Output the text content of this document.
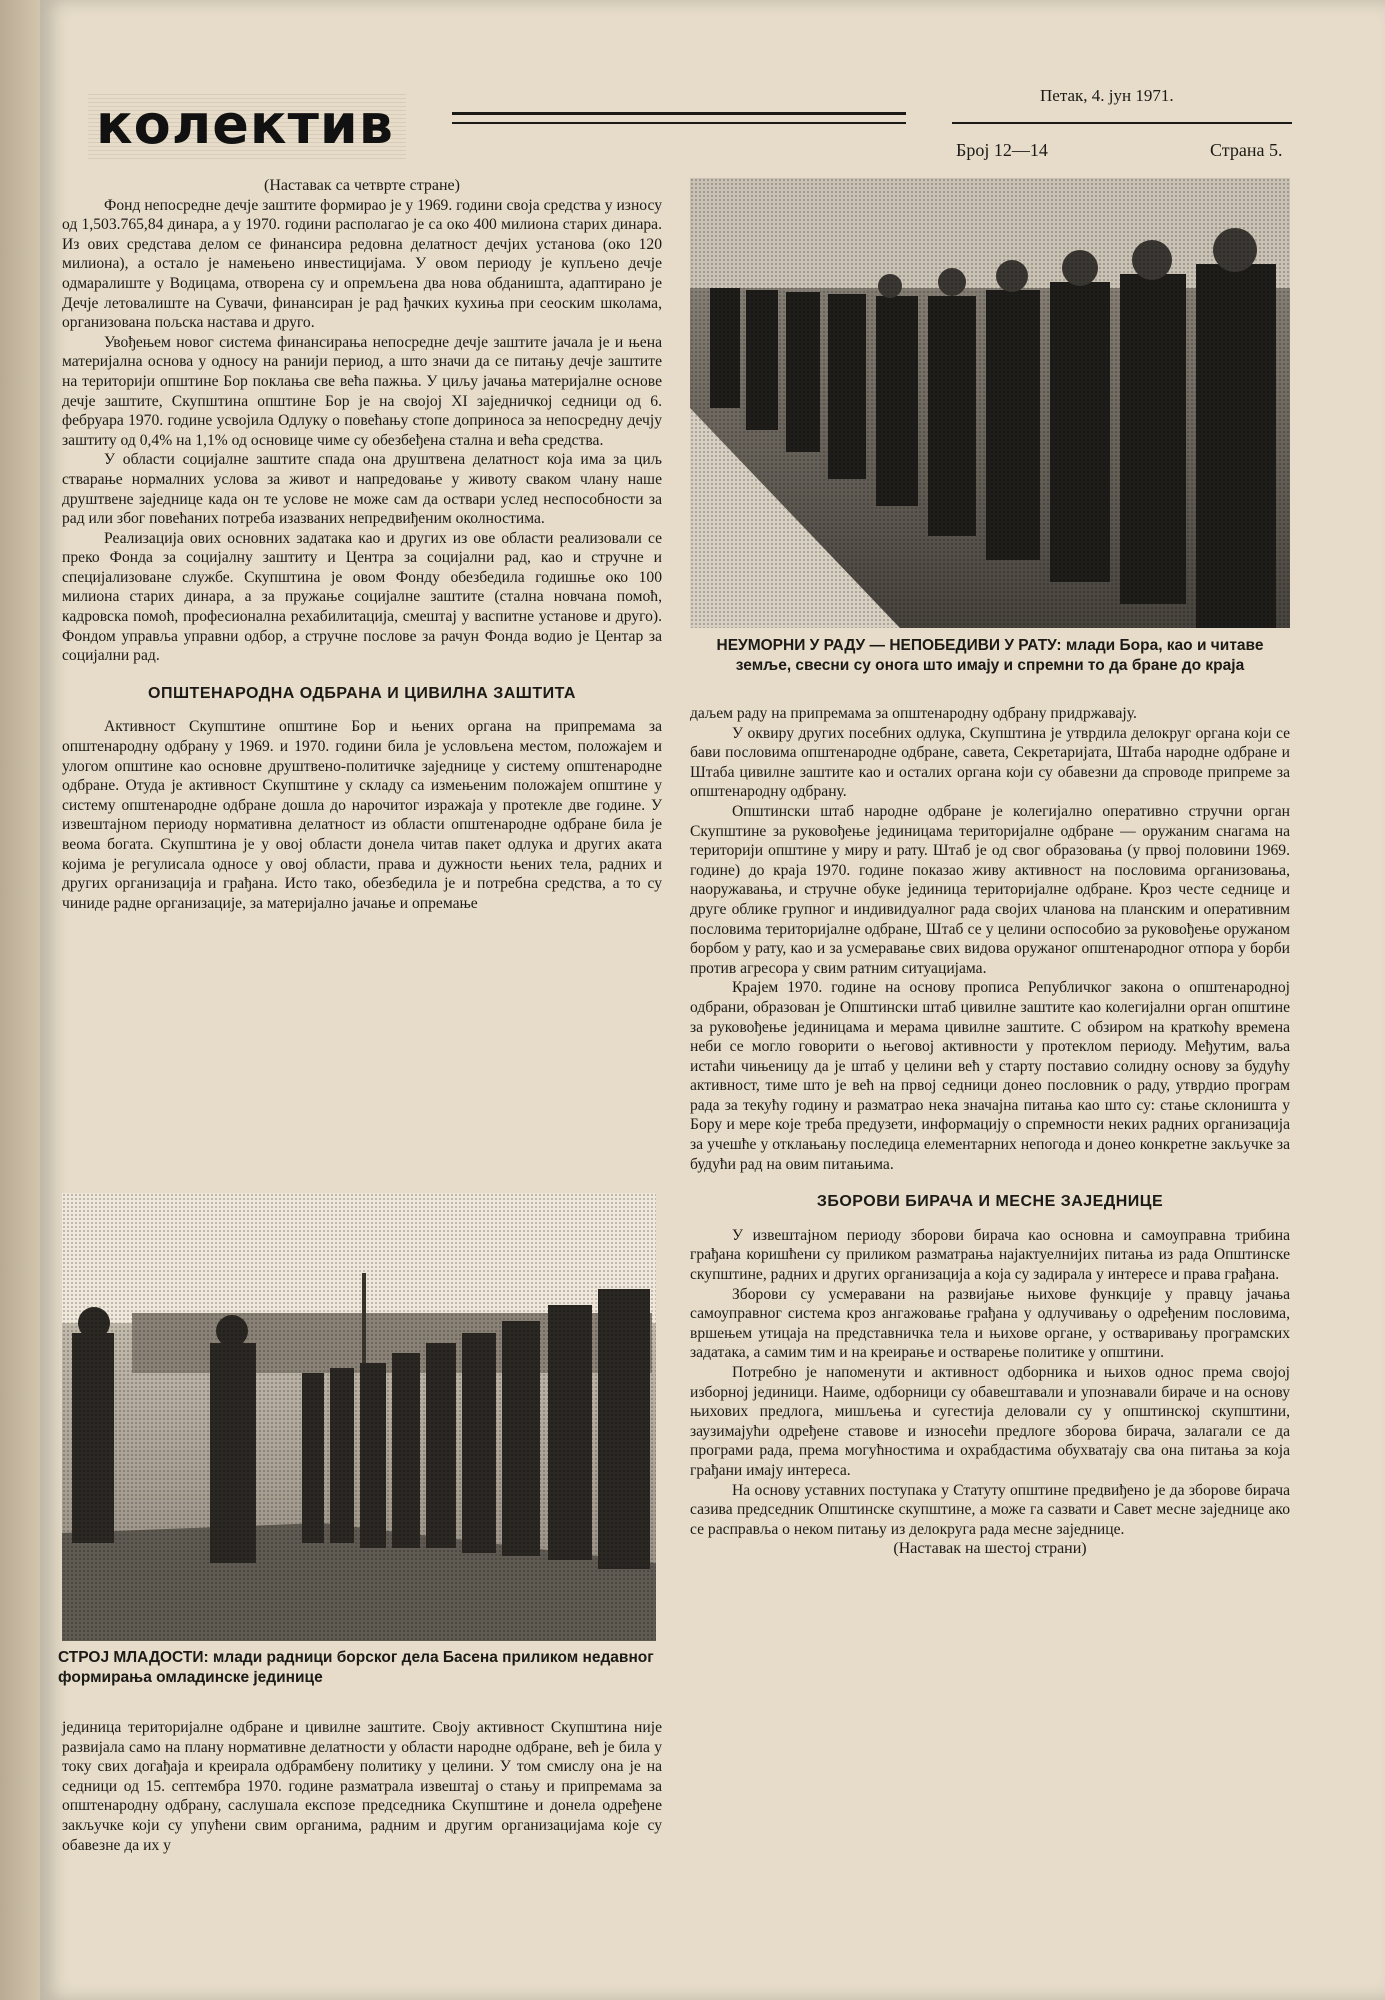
колектив	Петак, 4. јун 1971.
Број 12—14	Страна 5.
(Наставак са четврте стране)

Фонд непосредне дечје заштите формирао је у 1969. години своја средства у износу од 1,503.765,84 динара, а у 1970. години располагао је са око 400 милиона старих динара. Из ових средстава делом се финансира редовна делатност дечјих установа (око 120 милиона), а остало је намењено инвестицијама. У овом периоду је купљено дечје одмаралиште у Водицама, отворена су и опремљена два нова обданишта, адаптирано је Дечје летовалиште на Сувачи, финансиран је рад ђачких кухиња при сеоским школама, организована пољска настава и друго.

Увођењем новог система финансирања непосредне дечје заштите јачала је и њена материјална основа у односу на ранији период, а што значи да се питању дечје заштите на територији општине Бор поклања све већа пажња. У циљу јачања материјалне основе дечје заштите, Скупштина општине Бор је на својој XI заједничкој седници од 6. фебруара 1970. године усвојила Одлуку о повећању стопе доприноса за непосредну дечју заштиту од 0,4% на 1,1% од основице чиме су обезбеђена стална и већа средства.

У области социјалне заштите спада она друштвена делатност која има за циљ стварање нормалних услова за живот и напредовање у животу сваком члану наше друштвене заједнице када он те услове не може сам да оствари услед неспособности за рад или због повећаних потреба изазваних непредвиђеним околностима.

Реализација ових основних задатака као и других из ове области реализовали се преко Фонда за социјалну заштиту и Центра за социјални рад, као и стручне и специјализоване службе. Скупштина је овом Фонду обезбедила годишње око 100 милиона старих динара, а за пружање социјалне заштите (стална новчана помоћ, кадровска помоћ, професионална рехабилитација, смештај у васпитне установе и друго). Фондом управља управни одбор, а стручне послове за рачун Фонда водио је Центар за социјални рад.

ОПШТЕНАРОДНА ОДБРАНА И ЦИВИЛНА ЗАШТИТА

Активност Скупштине општине Бор и њених органа на припремама за општенародну одбрану у 1969. и 1970. години била је условљена местом, положајем и улогом општине као основне друштвено-политичке заједнице у систему општенародне одбране. Отуда је активност Скупштине у складу са измењеним положајем општине у систему општенародне одбране дошла до нарочитог изражаја у протекле две године. У извештајном периоду нормативна делатност из области општенародне одбране била је веома богата. Скупштина је у овој области донела читав пакет одлука и других аката којима је регулисала односе у овој области, права и дужности њених тела, радних и других организација и грађана. Исто тако, обезбедила је и потребна средства, а то су чиниде радне организације, за материјално јачање и опремање

СТРОЈ МЛАДОСТИ: млади радници борског дела Басена приликом недавног формирања омладинске јединице

јединица територијалне одбране и цивилне заштите. Своју активност Скупштина није развијала само на плану нормативне делатности у области народне одбране, већ је била у току свих догађаја и креирала одбрамбену политику у целини. У том смислу она је на седници од 15. септембра 1970. године разматрала извештај о стању и припремама за општенародну одбрану, саслушала експозе председника Скупштине и донела одређене закључке који су упућени свим органима, радним и другим организацијама које су обавезне да их у

НЕУМОРНИ У РАДУ — НЕПОБЕДИВИ У РАТУ: млади Бора, као и читаве земље, свесни су онога што имају и спремни то да бране до краја

даљем раду на припремама за општенародну одбрану придржавају.

У оквиру других посебних одлука, Скупштина је утврдила делокруг органа који се бави пословима општенародне одбране, савета, Секретаријата, Штаба народне одбране и Штаба цивилне заштите као и осталих органа који су обавезни да спроводе припреме за општенародну одбрану.

Општински штаб народне одбране је колегијално оперативно стручни орган Скупштине за руковођење јединицама територијалне одбране — оружаним снагама на територији општине у миру и рату. Штаб је од свог образовања (у првој половини 1969. године) до краја 1970. године показао живу активност на пословима организовања, наоружавања, и стручне обуке јединица територијалне одбране. Кроз честе седнице и друге облике групног и индивидуалног рада својих чланова на планским и оперативним пословима територијалне одбране, Штаб се у целини оспособио за руковођење оружаном борбом у рату, као и за усмеравање свих видова оружаног општенародног отпора у борби против агресора у свим ратним ситуацијама.

Крајем 1970. године на основу прописа Републичког закона о општенародној одбрани, образован је Општински штаб цивилне заштите као колегијални орган општине за руковођење јединицама и мерама цивилне заштите. С обзиром на краткоћу времена неби се могло говорити о његовој активности у протеклом периоду. Међутим, ваља истаћи чињеницу да је штаб у целини већ у старту поставио солидну основу за будућу активност, тиме што је већ на првој седници донео пословник о раду, утврдио програм рада за текућу годину и разматрао нека значајна питања као што су: стање склоништа у Бору и мере које треба предузети, информацију о спремности неких радних организација за учешће у отклањању последица елементарних непогода и донео конкретне закључке за будући рад на овим питањима.

ЗБОРОВИ БИРАЧА И МЕСНЕ ЗАЈЕДНИЦЕ

У извештајном периоду зборови бирача као основна и самоуправна трибина грађана коришћени су приликом разматрања најактуелнијих питања из рада Општинске скупштине, радних и других организација а која су задирала у интересе и права грађана.

Зборови су усмеравани на развијање њихове функције у правцу јачања самоуправног система кроз ангажовање грађана у одлучивању о одређеним пословима, вршењем утицаја на представничка тела и њихове органе, у остваривању програмских задатака, а самим тим и на креирање и остварење политике у општини.

Потребно је напоменути и активност одборника и њихов однос према својој изборној јединици. Наиме, одборници су обавештавали и упознавали бираче и на основу њихових предлога, мишљења и сугестија деловали су у општинској скупштини, заузимајући одређене ставове и износећи предлоге зборова бирача, залагали се да програми рада, према могућностима и охрабдастима обухватају сва она питања за која грађани имају интереса.

На основу уставних поступака у Статуту општине предвиђено је да зборове бирача сазива председник Општинске скупштине, а може га сазвати и Савет месне заједнице ако се расправља о неком питању из делокруга рада месне заједнице.

(Наставак на шестој страни)
